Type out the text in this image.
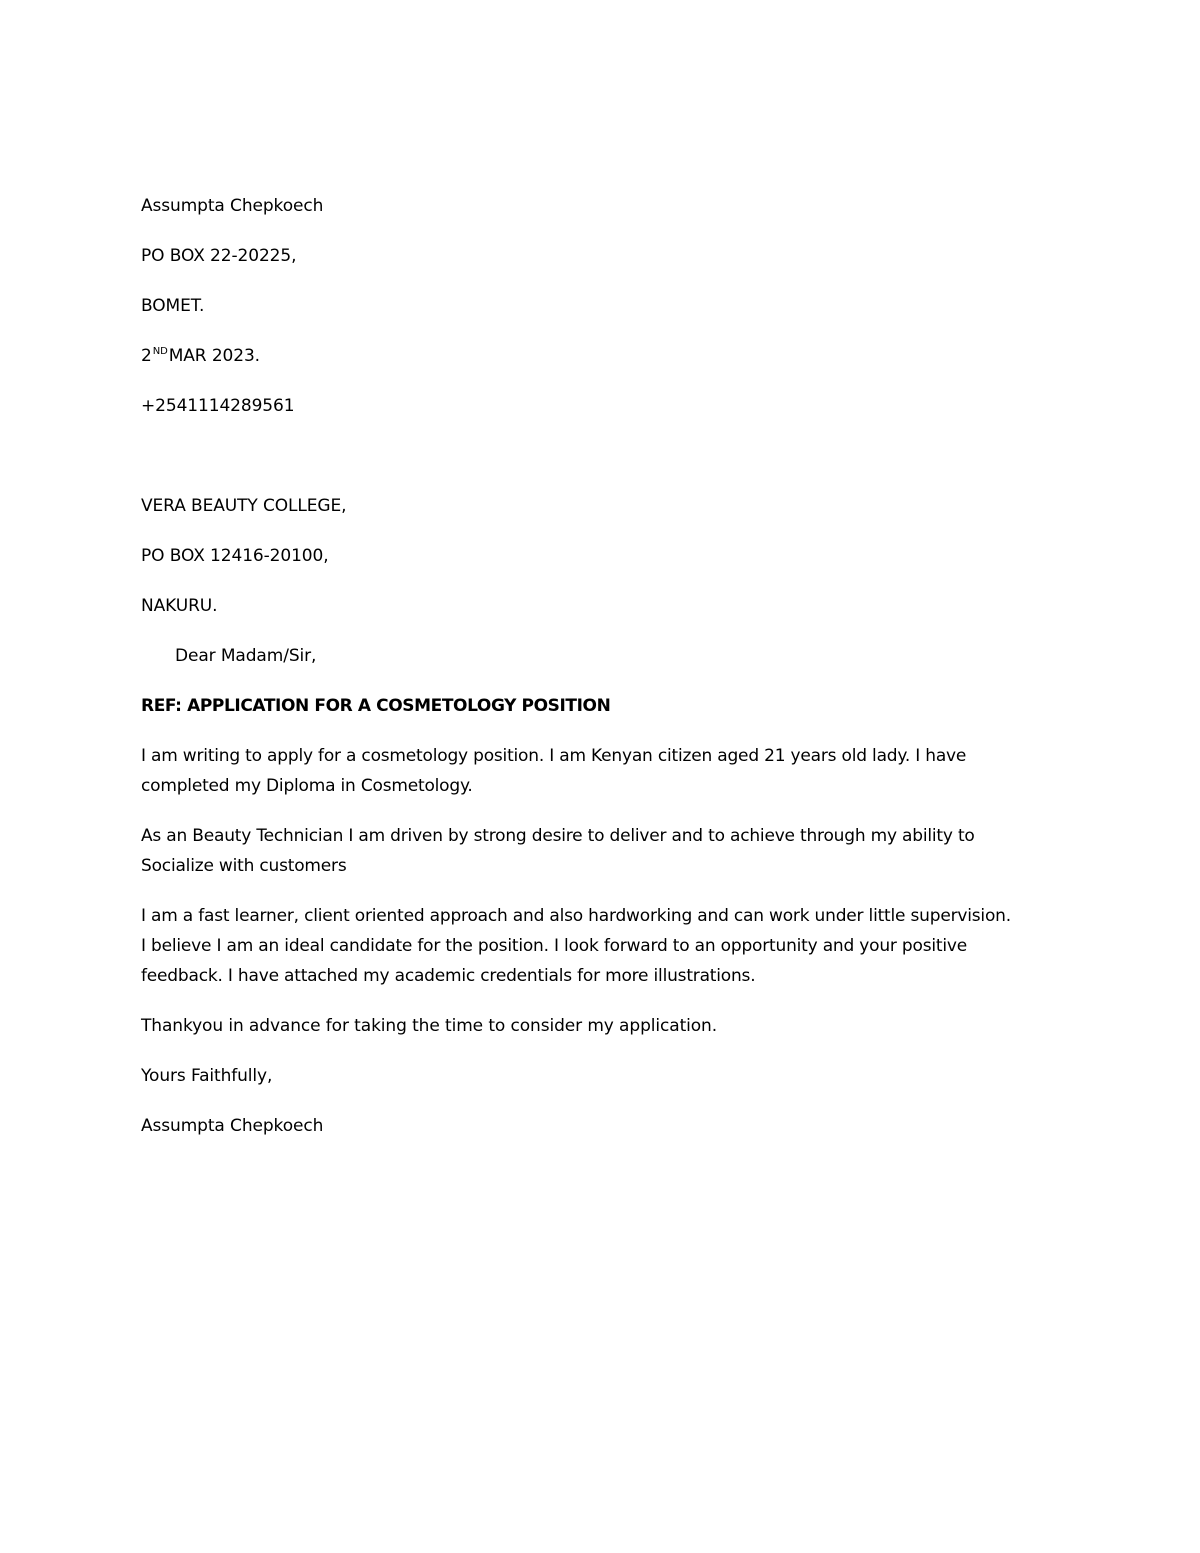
Assumpta Chepkoech
PO BOX 22-20225,
BOMET.
2NDMAR 2023.
+2541114289561
VERA BEAUTY COLLEGE,
PO BOX 12416-20100,
NAKURU.
Dear Madam/Sir,
REF: APPLICATION FOR A COSMETOLOGY POSITION
I am writing to apply for a cosmetology position. I am Kenyan citizen aged 21 years old lady. I have
completed my Diploma in Cosmetology.
As an Beauty Technician I am driven by strong desire to deliver and to achieve through my ability to
Socialize with customers
I am a fast learner, client oriented approach and also hardworking and can work under little supervision.
I believe I am an ideal candidate for the position. I look forward to an opportunity and your positive
feedback. I have attached my academic credentials for more illustrations.
Thankyou in advance for taking the time to consider my application.
Yours Faithfully,
Assumpta Chepkoech
